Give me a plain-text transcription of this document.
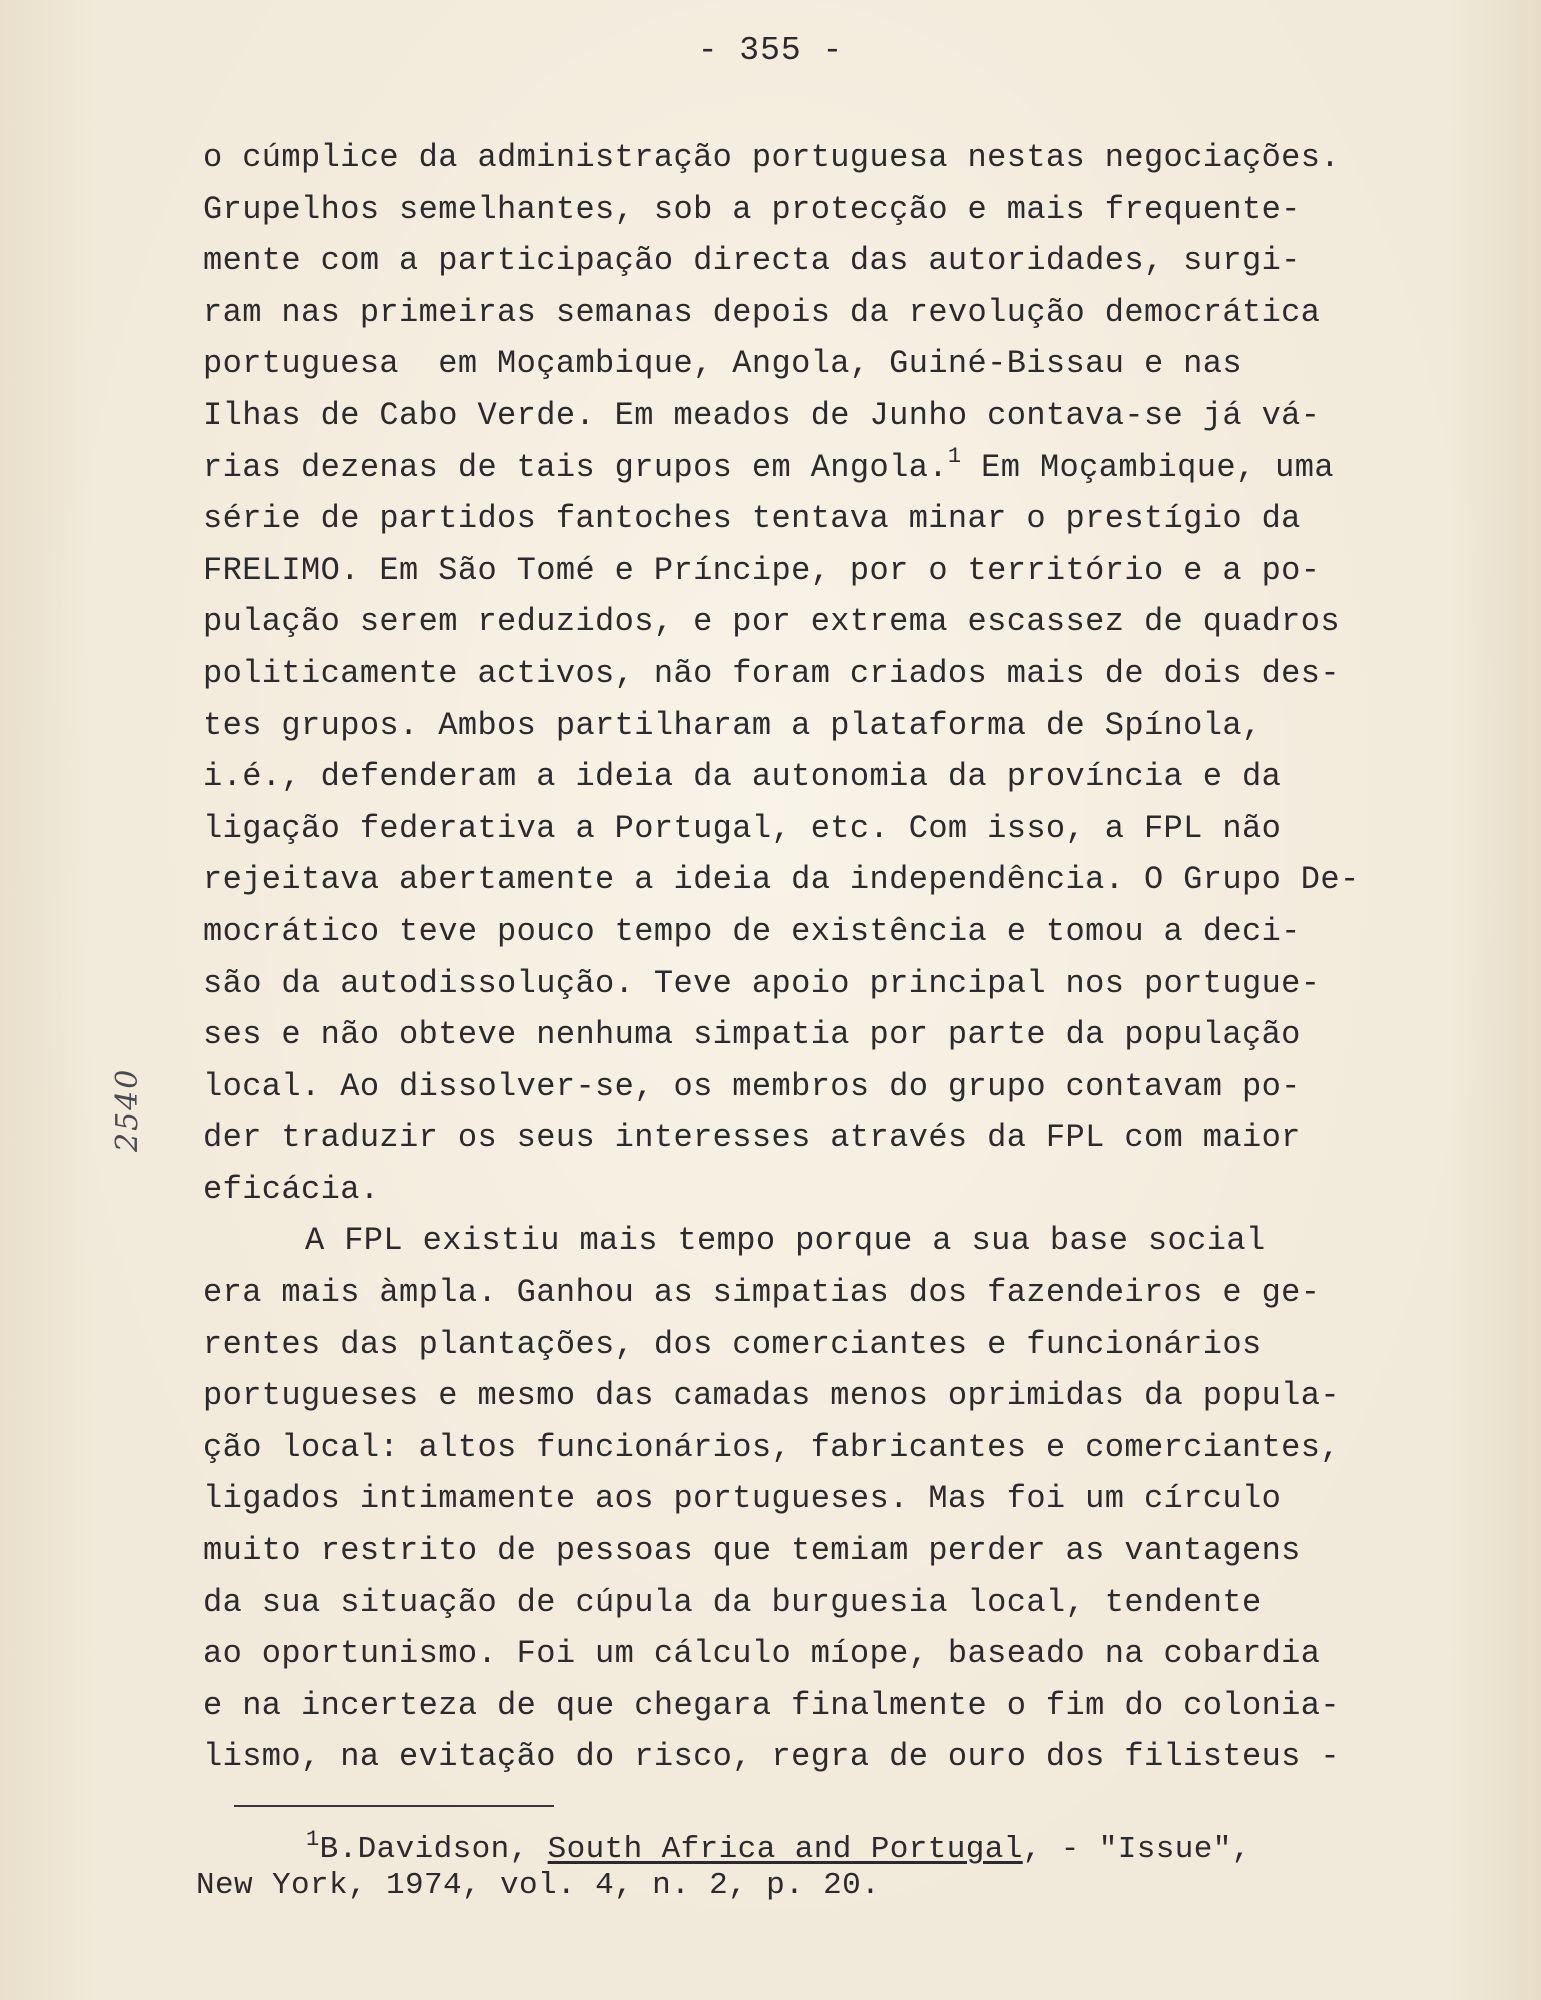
- 355 -
2540
o cúmplice da administração portuguesa nestas negociações.
Grupelhos semelhantes, sob a protecção e mais frequente-
mente com a participação directa das autoridades, surgi-
ram nas primeiras semanas depois da revolução democrática
portuguesa  em Moçambique, Angola, Guiné-Bissau e nas
Ilhas de Cabo Verde. Em meados de Junho contava-se já vá-
rias dezenas de tais grupos em Angola.$^1$ Em Moçambique, uma
série de partidos fantoches tentava minar o prestígio da
FRELIMO. Em São Tomé e Príncipe, por o território e a po-
pulação serem reduzidos, e por extrema escassez de quadros
politicamente activos, não foram criados mais de dois des-
tes grupos. Ambos partilharam a plataforma de Spínola,
i.é., defenderam a ideia da autonomia da província e da
ligação federativa a Portugal, etc. Com isso, a FPL não
rejeitava abertamente a ideia da independência. O Grupo De-
mocrático teve pouco tempo de existência e tomou a deci-
são da autodissolução. Teve apoio principal nos portugue-
ses e não obteve nenhuma simpatia por parte da população
local. Ao dissolver-se, os membros do grupo contavam po-
der traduzir os seus interesses através da FPL com maior
eficácia.
A FPL existiu mais tempo porque a sua base social
era mais àmpla. Ganhou as simpatias dos fazendeiros e ge-
rentes das plantações, dos comerciantes e funcionários
portugueses e mesmo das camadas menos oprimidas da popula-
ção local: altos funcionários, fabricantes e comerciantes,
ligados intimamente aos portugueses. Mas foi um círculo
muito restrito de pessoas que temiam perder as vantagens
da sua situação de cúpula da burguesia local, tendente
ao oportunismo. Foi um cálculo míope, baseado na cobardia
e na incerteza de que chegara finalmente o fim do colonia-
lismo, na evitação do risco, regra de ouro dos filisteus -
$^1$B.Davidson, South Africa and Portugal, - "Issue",
New York, 1974, vol. 4, n. 2, p. 20.
